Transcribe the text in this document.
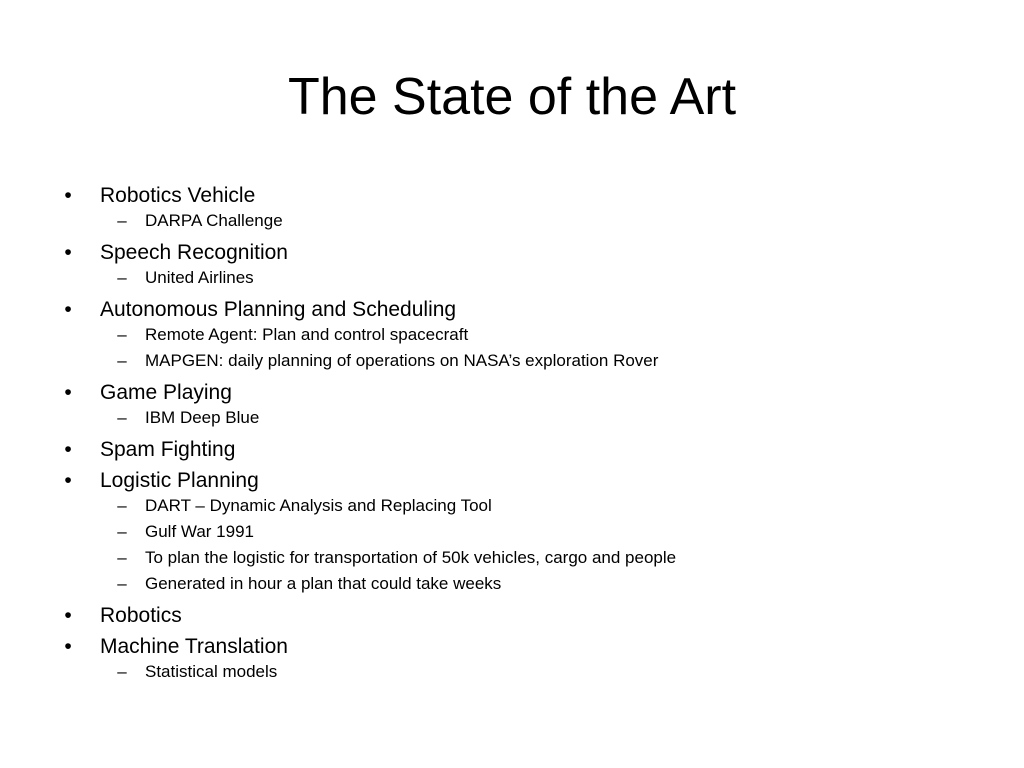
The State of the Art
• Robotics Vehicle
– DARPA Challenge
• Speech Recognition
– United Airlines
• Autonomous Planning and Scheduling
– Remote Agent: Plan and control spacecraft
– MAPGEN: daily planning of operations on NASA’s exploration Rover
• Game Playing
– IBM Deep Blue
• Spam Fighting
• Logistic Planning
– DART – Dynamic Analysis and Replacing Tool
– Gulf War 1991
– To plan the logistic for transportation of 50k vehicles, cargo and people
– Generated in hour a plan that could take weeks
• Robotics
• Machine Translation
– Statistical models
